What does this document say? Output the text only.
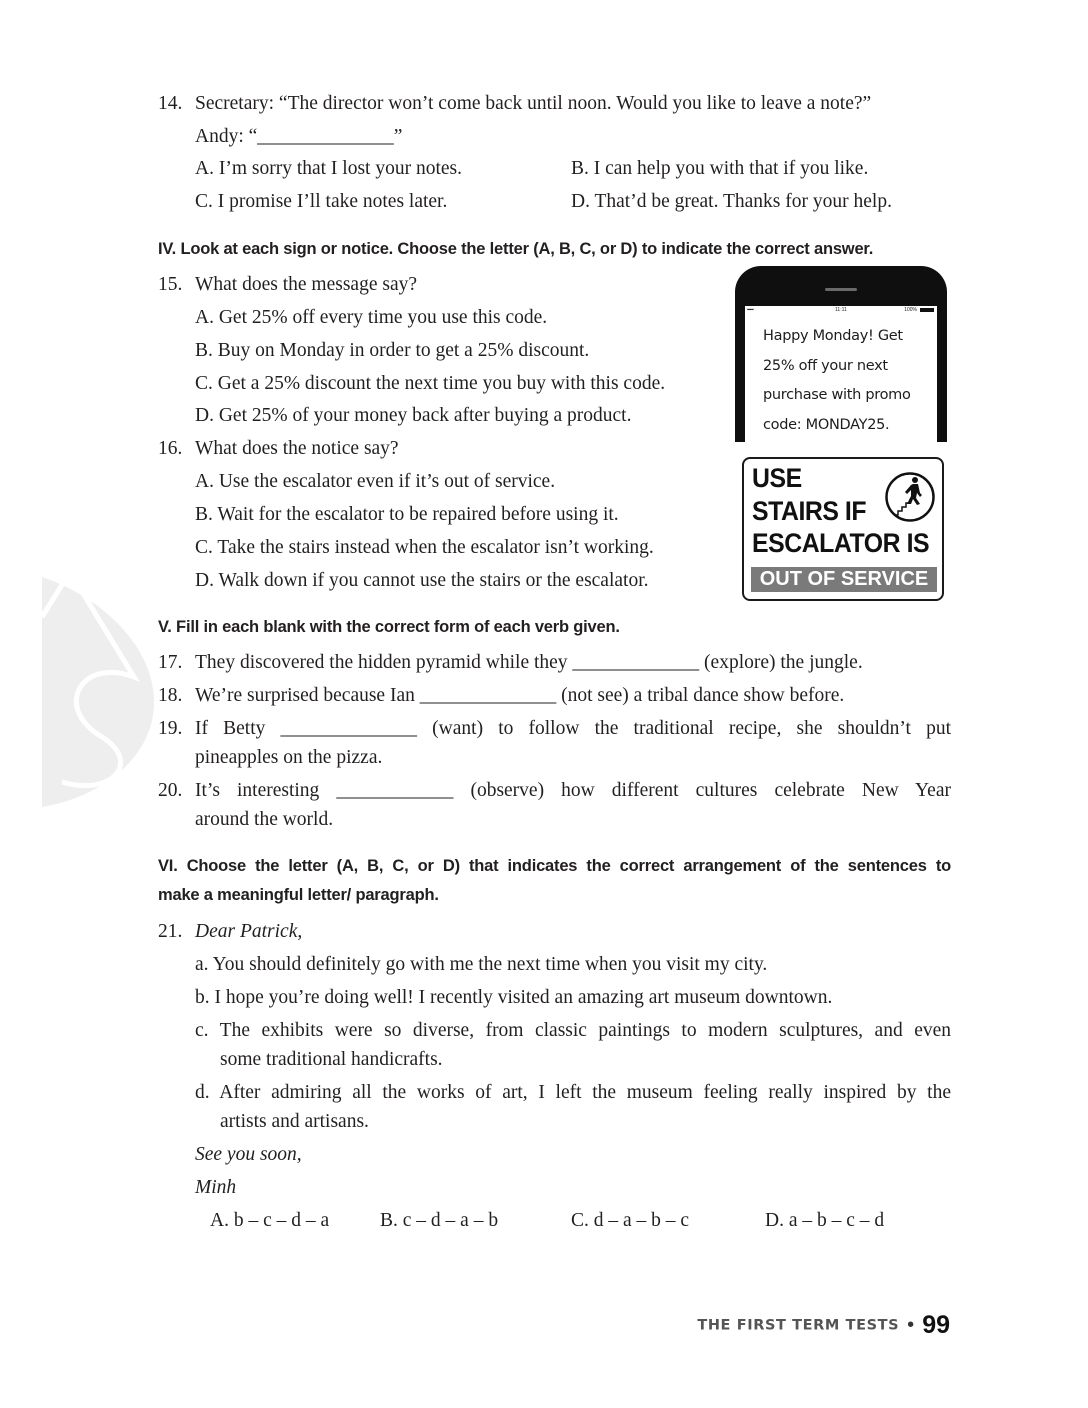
14. Secretary: “The director won’t come back until noon. Would you like to leave a note?”
Andy: “______________”
A. I’m sorry that I lost your notes.	B. I can help you with that if you like.
C. I promise I’ll take notes later.	D. That’d be great. Thanks for your help.
IV. Look at each sign or notice. Choose the letter (A, B, C, or D) to indicate the correct answer.
15. What does the message say?
A. Get 25% off every time you use this code.
B. Buy on Monday in order to get a 25% discount.
C. Get a 25% discount the next time you buy with this code.
D. Get 25% of your money back after buying a product.
▪▪▪▪▪	11:11	100%
Happy Monday! Get
25% off your next
purchase with promo
code: MONDAY25.
16. What does the notice say?
A. Use the escalator even if it’s out of service.
B. Wait for the escalator to be repaired before using it.
C. Take the stairs instead when the escalator isn’t working.
D. Walk down if you cannot use the stairs or the escalator.
USE
STAIRS IF
ESCALATOR IS
OUT OF SERVICE
V. Fill in each blank with the correct form of each verb given.
17. They discovered the hidden pyramid while they _____________ (explore) the jungle.
18. We’re surprised because Ian ______________ (not see) a tribal dance show before.
19. If Betty ______________ (want) to follow the traditional recipe, she shouldn’t put
pineapples on the pizza.
20. It’s interesting ____________ (observe) how different cultures celebrate New Year
around the world.
VI. Choose the letter (A, B, C, or D) that indicates the correct arrangement of the sentences to
make a meaningful letter/ paragraph.
21. Dear Patrick,
a. You should definitely go with me the next time when you visit my city.
b. I hope you’re doing well! I recently visited an amazing art museum downtown.
c. The exhibits were so diverse, from classic paintings to modern sculptures, and even
some traditional handicrafts.
d. After admiring all the works of art, I left the museum feeling really inspired by the
artists and artisans.
See you soon,
Minh
A. b – c – d – a	B. c – d – a – b	C. d – a – b – c	D. a – b – c – d
THE FIRST TERM TESTS • 99
